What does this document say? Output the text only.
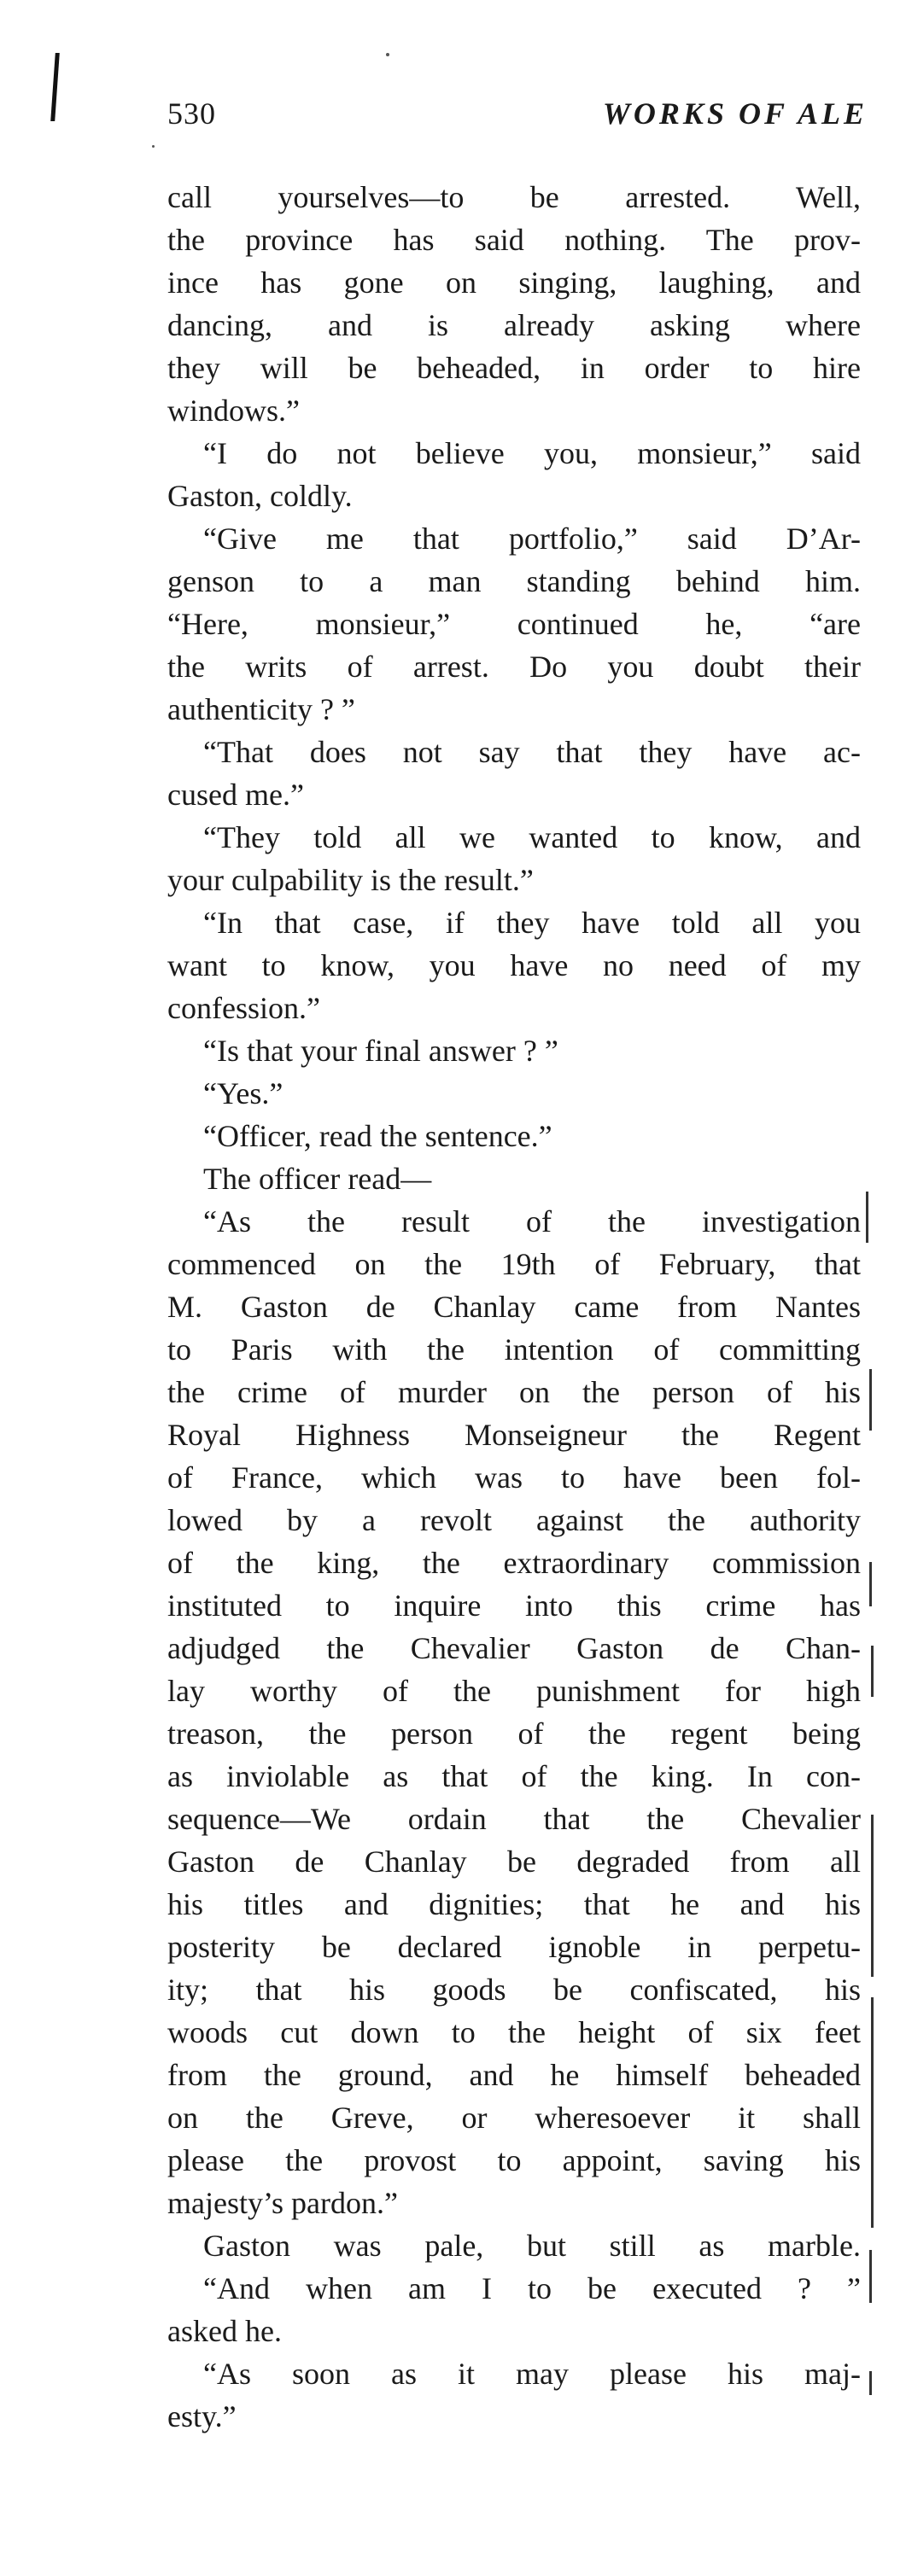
530	WORKS OF ALE
call yourselves—to be arrested. Well,
the province has said nothing. The prov-
ince has gone on singing, laughing, and
dancing, and is already asking where
they will be beheaded, in order to hire
windows.”
“I do not believe you, monsieur,” said
Gaston, coldly.
“Give me that portfolio,” said D’Ar-
genson to a man standing behind him.
“Here, monsieur,” continued he, “are
the writs of arrest. Do you doubt their
authenticity ? ”
“That does not say that they have ac-
cused me.”
“They told all we wanted to know, and
your culpability is the result.”
“In that case, if they have told all you
want to know, you have no need of my
confession.”
“Is that your final answer ? ”
“Yes.”
“Officer, read the sentence.”
The officer read—
“As the result of the investigation
commenced on the 19th of February, that
M. Gaston de Chanlay came from Nantes
to Paris with the intention of committing
the crime of murder on the person of his
Royal Highness Monseigneur the Regent
of France, which was to have been fol-
lowed by a revolt against the authority
of the king, the extraordinary commission
instituted to inquire into this crime has
adjudged the Chevalier Gaston de Chan-
lay worthy of the punishment for high
treason, the person of the regent being
as inviolable as that of the king. In con-
sequence—We ordain that the Chevalier
Gaston de Chanlay be degraded from all
his titles and dignities; that he and his
posterity be declared ignoble in perpetu-
ity; that his goods be confiscated, his
woods cut down to the height of six feet
from the ground, and he himself beheaded
on the Greve, or wheresoever it shall
please the provost to appoint, saving his
majesty’s pardon.”
Gaston was pale, but still as marble.
“And when am I to be executed ? ”
asked he.
“As soon as it may please his maj-
esty.”
